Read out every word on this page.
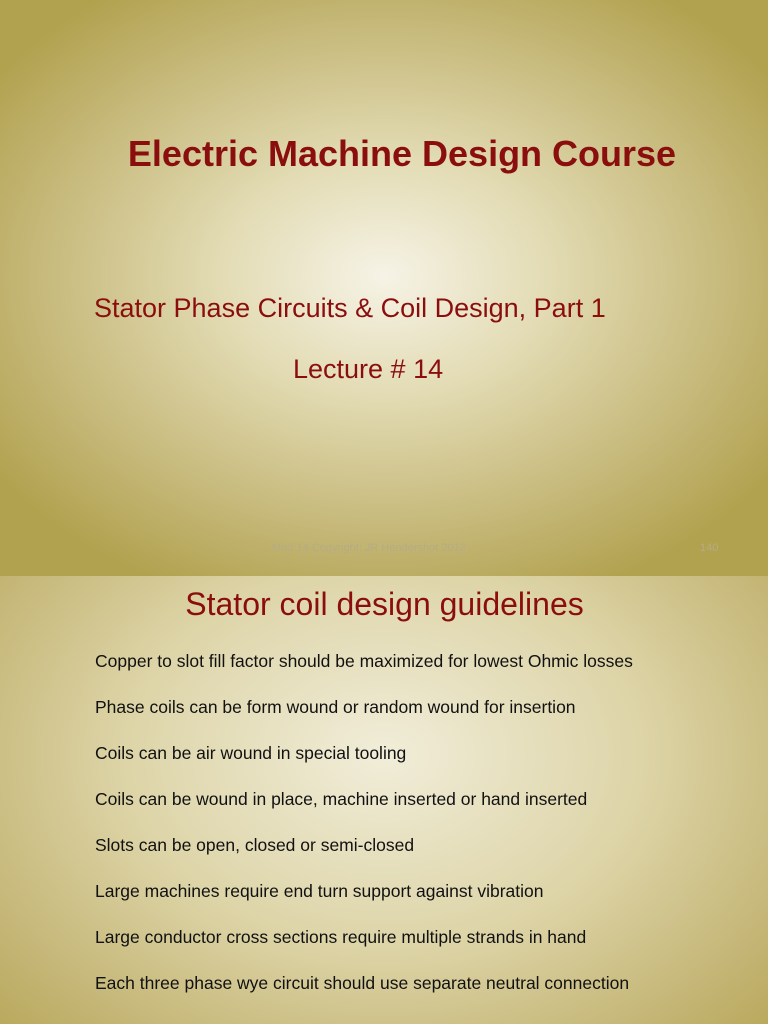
Electric Machine Design Course

Stator Phase Circuits & Coil Design, Part 1

Lecture # 14

Mod 14 Copyright: JR Hendershot 2012	140
Stator coil design guidelines
Copper to slot fill factor should be maximized for lowest Ohmic losses
Phase coils can be form wound or random wound for insertion
Coils can be air wound in special tooling
Coils can be wound in place, machine inserted or hand inserted
Slots can be open, closed or semi-closed
Large machines require end turn support against vibration
Large conductor cross sections require multiple strands in hand
Each three phase wye circuit should use separate neutral connection
